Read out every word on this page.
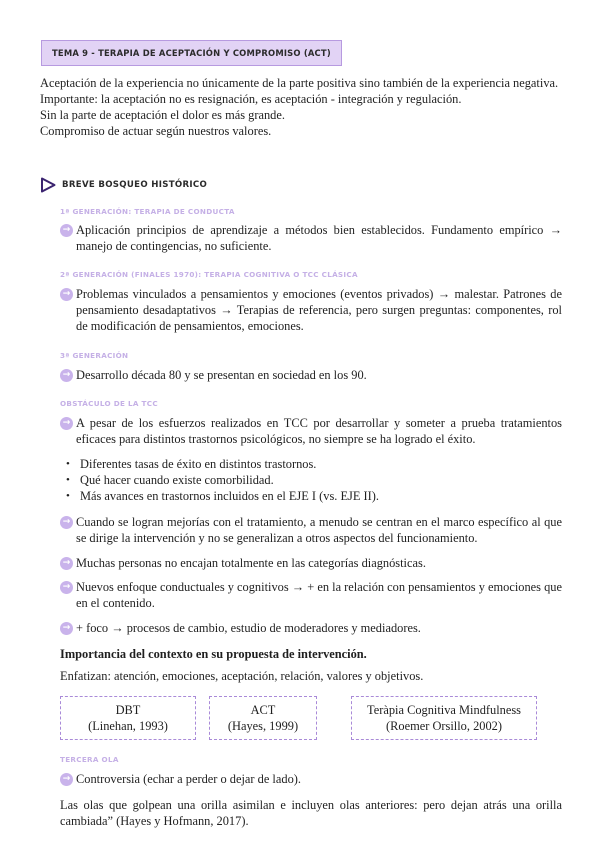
TEMA 9 - TERAPIA DE ACEPTACIÓN Y COMPROMISO (ACT)

Aceptación de la experiencia no únicamente de la parte positiva sino también de la experiencia negativa.

Importante: la aceptación no es resignación, es aceptación - integración y regulación.

Sin la parte de aceptación el dolor es más grande.

Compromiso de actuar según nuestros valores.

BREVE BOSQUEO HISTÓRICO
1ª GENERACIÓN: TERAPIA DE CONDUCTA
→ Aplicación principios de aprendizaje a métodos bien establecidos. Fundamento empírico → manejo de contingencias, no suficiente.
2ª GENERACIÓN (FINALES 1970): TERAPIA COGNITIVA O TCC CLÁSICA
→ Problemas vinculados a pensamientos y emociones (eventos privados) → malestar. Patrones de pensamiento desadaptativos → Terapias de referencia, pero surgen preguntas: componentes, rol de modificación de pensamientos, emociones.
3ª GENERACIÓN
→ Desarrollo década 80 y se presentan en sociedad en los 90.
OBSTÁCULO DE LA TCC
→ A pesar de los esfuerzos realizados en TCC por desarrollar y someter a prueba tratamientos eficaces para distintos trastornos psicológicos, no siempre se ha logrado el éxito.
• Diferentes tasas de éxito en distintos trastornos.
• Qué hacer cuando existe comorbilidad.
• Más avances en trastornos incluidos en el EJE I (vs. EJE II).
→ Cuando se logran mejorías con el tratamiento, a menudo se centran en el marco específico al que se dirige la intervención y no se generalizan a otros aspectos del funcionamiento.
→ Muchas personas no encajan totalmente en las categorías diagnósticas.
→ Nuevos enfoque conductuales y cognitivos → + en la relación con pensamientos y emociones que en el contenido.
→ + foco → procesos de cambio, estudio de moderadores y mediadores.
Importancia del contexto en su propuesta de intervención.
Enfatizan: atención, emociones, aceptación, relación, valores y objetivos.
DBT
(Linehan, 1993)
ACT
(Hayes, 1999)
Teràpia Cognitiva Mindfulness
(Roemer Orsillo, 2002)
TERCERA OLA
→ Controversia (echar a perder o dejar de lado).
Las olas que golpean una orilla asimilan e incluyen olas anteriores: pero dejan atrás una orilla cambiada” (Hayes y Hofmann, 2017).
